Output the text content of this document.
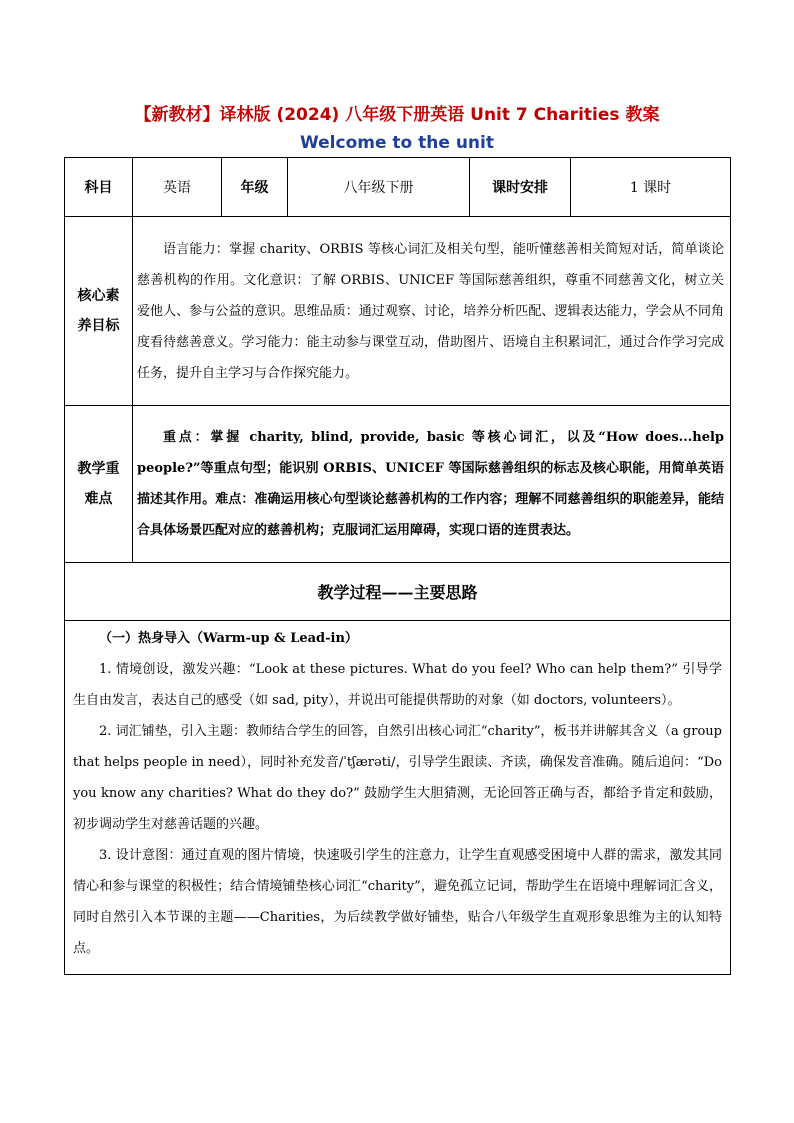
【新教材】译林版 (2024) 八年级下册英语 Unit 7 Charities 教案
Welcome to the unit
科目	英语	年级	八年级下册	课时安排	1 课时

核心素养目标	语言能力：掌握 charity、ORBIS 等核心词汇及相关句型，能听懂慈善相关简短对话，简单谈论慈善机构的作用。文化意识：了解 ORBIS、UNICEF 等国际慈善组织，尊重不同慈善文化，树立关爱他人、参与公益的意识。思维品质：通过观察、讨论，培养分析匹配、逻辑表达能力，学会从不同角度看待慈善意义。学习能力：能主动参与课堂互动，借助图片、语境自主积累词汇，通过合作学习完成任务，提升自主学习与合作探究能力。				

教学重难点	重点：掌握 charity, blind, provide, basic 等核心词汇，以及“How does...help people?”等重点句型；能识别 ORBIS、UNICEF 等国际慈善组织的标志及核心职能，用简单英语描述其作用。难点：准确运用核心句型谈论慈善机构的工作内容；理解不同慈善组织的职能差异，能结合具体场景匹配对应的慈善机构；克服词汇运用障碍，实现口语的连贯表达。				
教学过程——主要思路					

（一）热身导入（Warm-up & Lead-in）

1. 情境创设，激发兴趣：“Look at these pictures. What do you feel? Who can help them?” 引导学生自由发言，表达自己的感受（如 sad, pity），并说出可能提供帮助的对象（如 doctors, volunteers）。

2. 词汇铺垫，引入主题：教师结合学生的回答，自然引出核心词汇“charity”，板书并讲解其含义（a group that helps people in need），同时补充发音/ˈtʃærəti/，引导学生跟读、齐读，确保发音准确。随后追问：“Do you know any charities? What do they do?” 鼓励学生大胆猜测，无论回答正确与否，都给予肯定和鼓励，初步调动学生对慈善话题的兴趣。

3. 设计意图：通过直观的图片情境，快速吸引学生的注意力，让学生直观感受困境中人群的需求，激发其同情心和参与课堂的积极性；结合情境铺垫核心词汇“charity”，避免孤立记词，帮助学生在语境中理解词汇含义，同时自然引入本节课的主题——Charities，为后续教学做好铺垫，贴合八年级学生直观形象思维为主的认知特点。					
